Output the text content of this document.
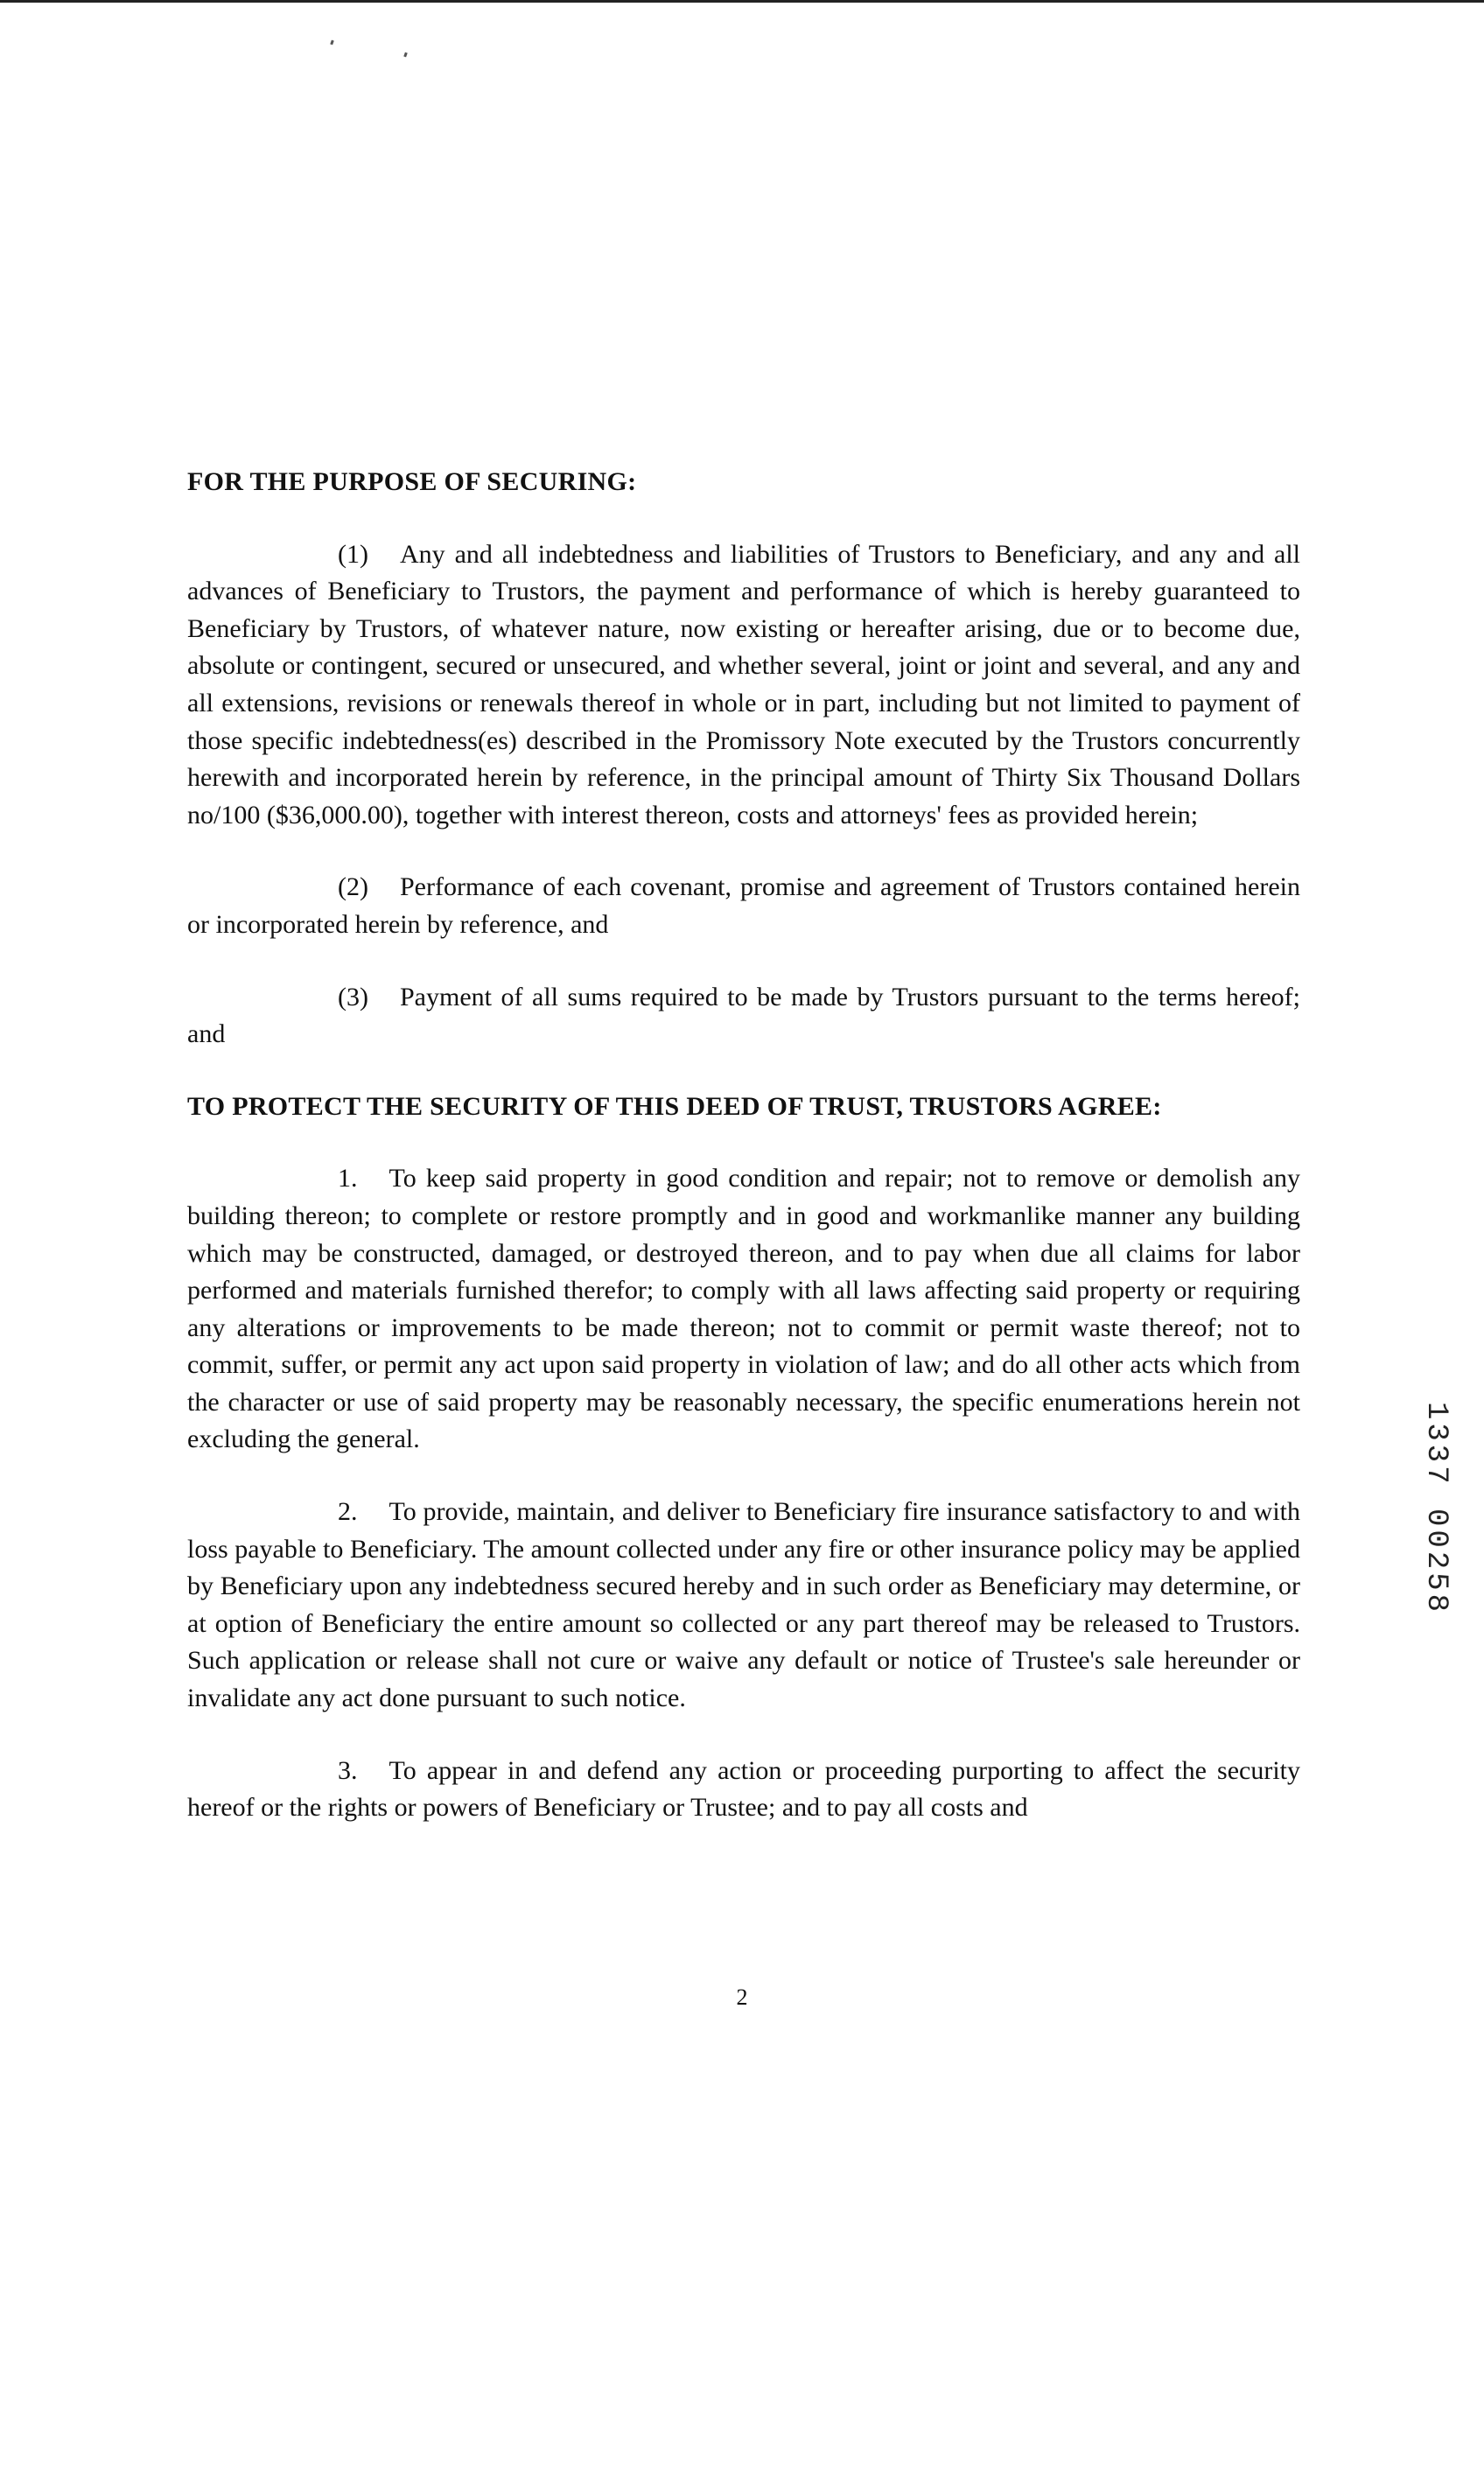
FOR THE PURPOSE OF SECURING:

(1) Any and all indebtedness and liabilities of Trustors to Beneficiary, and any and all advances of Beneficiary to Trustors, the payment and performance of which is hereby guaranteed to Beneficiary by Trustors, of whatever nature, now existing or hereafter arising, due or to become due, absolute or contingent, secured or unsecured, and whether several, joint or joint and several, and any and all extensions, revisions or renewals thereof in whole or in part, including but not limited to payment of those specific indebtedness(es) described in the Promissory Note executed by the Trustors concurrently herewith and incorporated herein by reference, in the principal amount of Thirty Six Thousand Dollars no/100 ($36,000.00), together with interest thereon, costs and attorneys' fees as provided herein;

(2) Performance of each covenant, promise and agreement of Trustors contained herein or incorporated herein by reference, and

(3) Payment of all sums required to be made by Trustors pursuant to the terms hereof; and

TO PROTECT THE SECURITY OF THIS DEED OF TRUST, TRUSTORS AGREE:

1. To keep said property in good condition and repair; not to remove or demolish any building thereon; to complete or restore promptly and in good and workmanlike manner any building which may be constructed, damaged, or destroyed thereon, and to pay when due all claims for labor performed and materials furnished therefor; to comply with all laws affecting said property or requiring any alterations or improvements to be made thereon; not to commit or permit waste thereof; not to commit, suffer, or permit any act upon said property in violation of law; and do all other acts which from the character or use of said property may be reasonably necessary, the specific enumerations herein not excluding the general.

2. To provide, maintain, and deliver to Beneficiary fire insurance satisfactory to and with loss payable to Beneficiary. The amount collected under any fire or other insurance policy may be applied by Beneficiary upon any indebtedness secured hereby and in such order as Beneficiary may determine, or at option of Beneficiary the entire amount so collected or any part thereof may be released to Trustors. Such application or release shall not cure or waive any default or notice of Trustee's sale hereunder or invalidate any act done pursuant to such notice.

3. To appear in and defend any action or proceeding purporting to affect the security hereof or the rights or powers of Beneficiary or Trustee; and to pay all costs and

2
1337 00258
